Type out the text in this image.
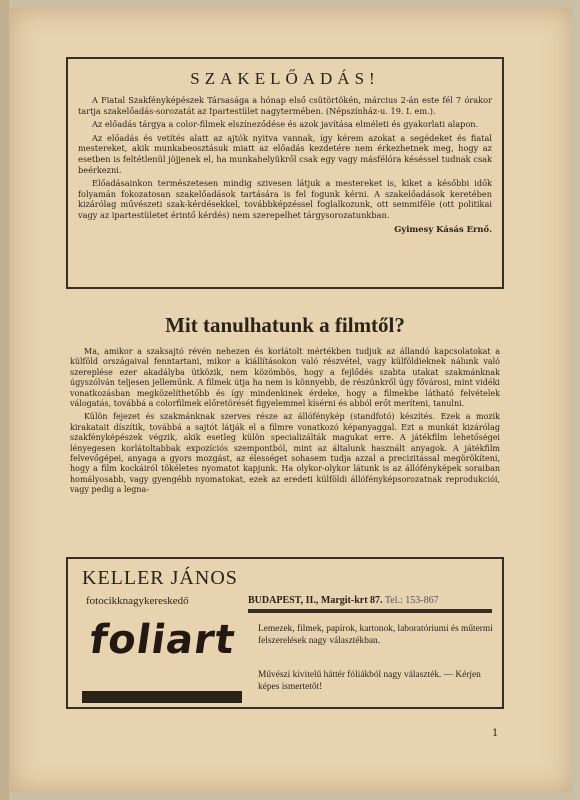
SZAKELŐADÁS!

A Fiatal Szakfényképészek Társasága a hónap első csütörtökén, március 2-án este fél 7 órakor tartja szakelőadás-sorozatát az Ipartestület nagytermében. (Népszínház-u. 19. I. em.).

Az előadás tárgya a color-filmek elszíneződése és azok javítása elméleti és gyakorlati alapon.

Az előadás és vetítés alatt az ajtók nyitva vannak, így kérem azokat a segédeket és fiatal mestereket, akik munkabeosztásuk miatt az előadás kezdetére nem érkezhetnek meg, hogy az esetben is feltétlenül jöjjenek el, ha munkahelyükről csak egy vagy másfélóra késéssel tudnak csak beérkezni.

Előadásainkon természetesen mindig szivesen látjuk a mestereket is, kiket a későbbi idők folyamán fokozatosan szakelőadások tartására is fel fogunk kérni. A szakelőadások keretében kizárólag művészeti szak-kérdésekkel, továbbképzéssel foglalkozunk, ott semmiféle (ott politikai vagy az ipartestületet érintő kérdés) nem szerepelhet tárgysorozatunkban.

Gyimesy Kásás Ernő.
Mit tanulhatunk a filmtől?

Ma, amikor a szaksajtó révén nehezen és korlátolt mértékben tudjuk az állandó kapcsolatokat a külföld országaival fenntartani, mikor a kiállításokon való részvétel, vagy külföldieknek nálunk való szereplése ezer akadályba ütközik, nem közömbös, hogy a fejlődés szabta utakat szakmánknak úgyszólván teljesen jelleműnk. A filmek útja ha nem is könnyebb, de részünkről úgy fővárosi, mint vidéki vonatkozásban megközelíthetőbb és így mindenkinek érdeke, hogy a filmekbe látható felvételek válogatás, továbbá a colorfilmek előretörését figyelemmel kísérni és abból erőt meríteni, tanulni.

Külön fejezet és szakmánknak szerves része az állófénykép (standfotó) készítés. Ezek a mozik kirakatait díszítik, továbbá a sajtót látják el a filmre vonatkozó képanyaggal. Ezt a munkát kizárólag szakfényképészek végzik, akik esetleg külön specializálták magukat erre. A játékfilm lehetőségei lényegesen korlátoltabbak expozíciós szempontból, mint az általunk használt anyagok. A játékfilm felvevőgépei, anyaga a gyors mozgást, az élességet sohasem tudja azzal a precizitással megörökíteni, hogy a film kockáiról tökéletes nyomatot kapjunk. Ha olykor-olykor látunk is az állófényképek soraiban homályosabb, vagy gyengébb nyomatokat, ezek az eredeti külföldi állófényképsorozatnak reprodukciói, vagy pedig a legna-

KELLER JÁNOS
fotocikknagykereskedő	BUDAPEST, II., Margit-krt 87. Tel.: 153-867
foliart Lemezek, filmek, papírok, kartonok, laboratóriumi és műtermi felszerelések nagy választékban.
Művészi kivitelű háttér fóliákból nagy választék. — Kérjen képes ismertetőt!
1
